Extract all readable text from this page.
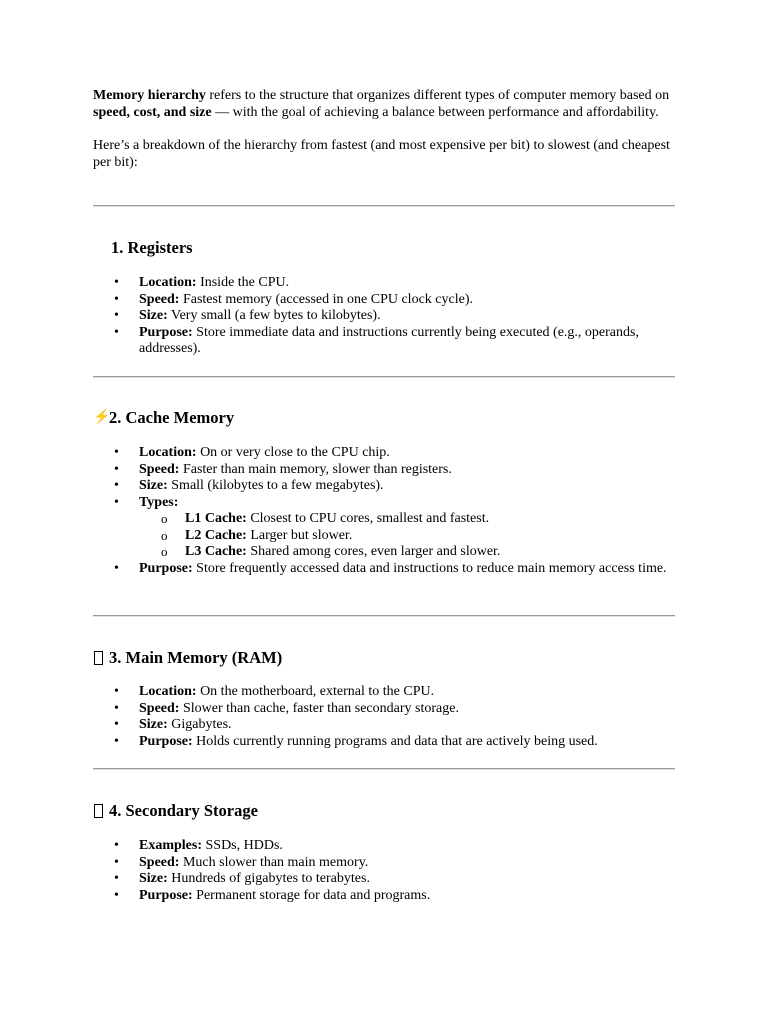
Memory hierarchy refers to the structure that organizes different types of computer memory based on speed, cost, and size — with the goal of achieving a balance between performance and affordability.

Here’s a breakdown of the hierarchy from fastest (and most expensive per bit) to slowest (and cheapest per bit):

1. Registers
• Location: Inside the CPU.
• Speed: Fastest memory (accessed in one CPU clock cycle).
• Size: Very small (a few bytes to kilobytes).
• Purpose: Store immediate data and instructions currently being executed (e.g., operands, addresses).
⚡
2. Cache Memory
• Location: On or very close to the CPU chip.
• Speed: Faster than main memory, slower than registers.
• Size: Small (kilobytes to a few megabytes).
• Types:
o L1 Cache: Closest to CPU cores, smallest and fastest.
o L2 Cache: Larger but slower.
o L3 Cache: Shared among cores, even larger and slower.
• Purpose: Store frequently accessed data and instructions to reduce main memory access time.
3. Main Memory (RAM)
• Location: On the motherboard, external to the CPU.
• Speed: Slower than cache, faster than secondary storage.
• Size: Gigabytes.
• Purpose: Holds currently running programs and data that are actively being used.
4. Secondary Storage
• Examples: SSDs, HDDs.
• Speed: Much slower than main memory.
• Size: Hundreds of gigabytes to terabytes.
• Purpose: Permanent storage for data and programs.
